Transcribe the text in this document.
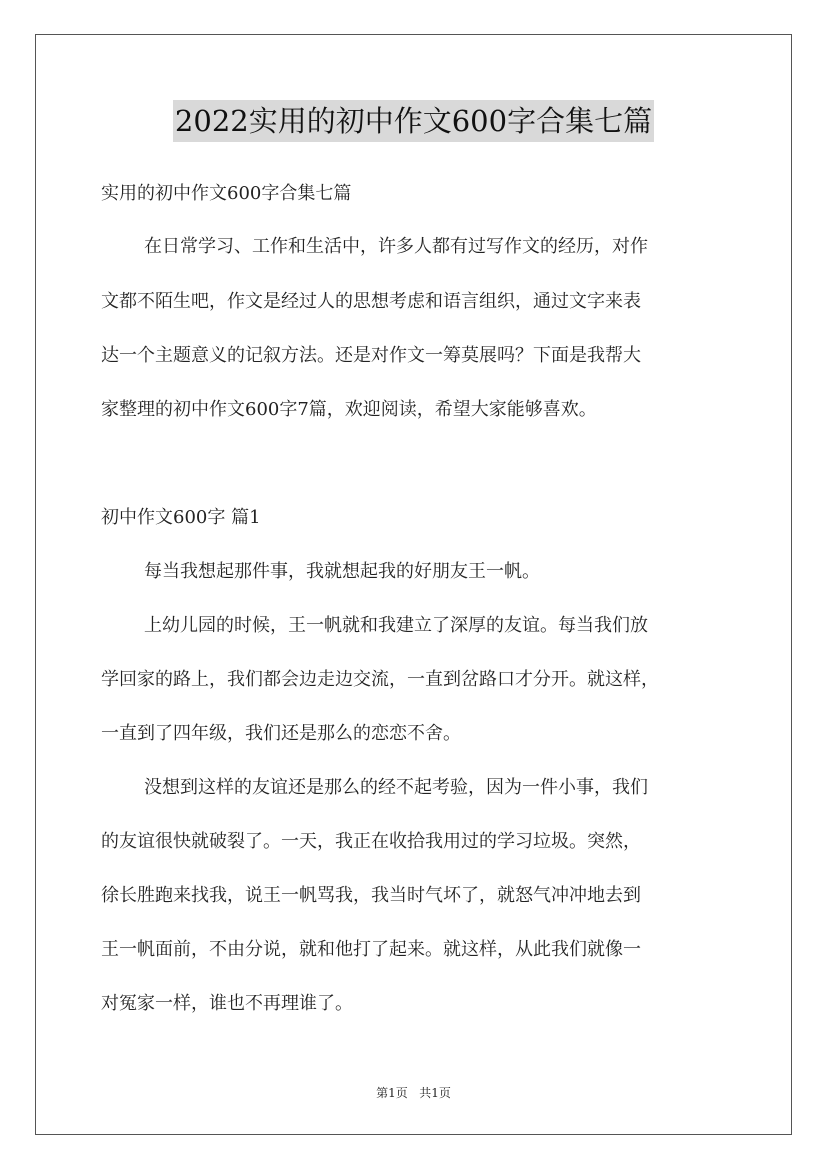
2022实用的初中作文600字合集七篇
实用的初中作文600字合集七篇
在日常学习、工作和生活中，许多人都有过写作文的经历，对作
文都不陌生吧，作文是经过人的思想考虑和语言组织，通过文字来表
达一个主题意义的记叙方法。还是对作文一筹莫展吗？下面是我帮大
家整理的初中作文600字7篇，欢迎阅读，希望大家能够喜欢。
初中作文600字 篇1
每当我想起那件事，我就想起我的好朋友王一帆。
上幼儿园的时候，王一帆就和我建立了深厚的友谊。每当我们放
学回家的路上，我们都会边走边交流，一直到岔路口才分开。就这样，
一直到了四年级，我们还是那么的恋恋不舍。
没想到这样的友谊还是那么的经不起考验，因为一件小事，我们
的友谊很快就破裂了。一天，我正在收拾我用过的学习垃圾。突然，
徐长胜跑来找我，说王一帆骂我，我当时气坏了，就怒气冲冲地去到
王一帆面前，不由分说，就和他打了起来。就这样，从此我们就像一
对冤家一样，谁也不再理谁了。
第1页 共1页
